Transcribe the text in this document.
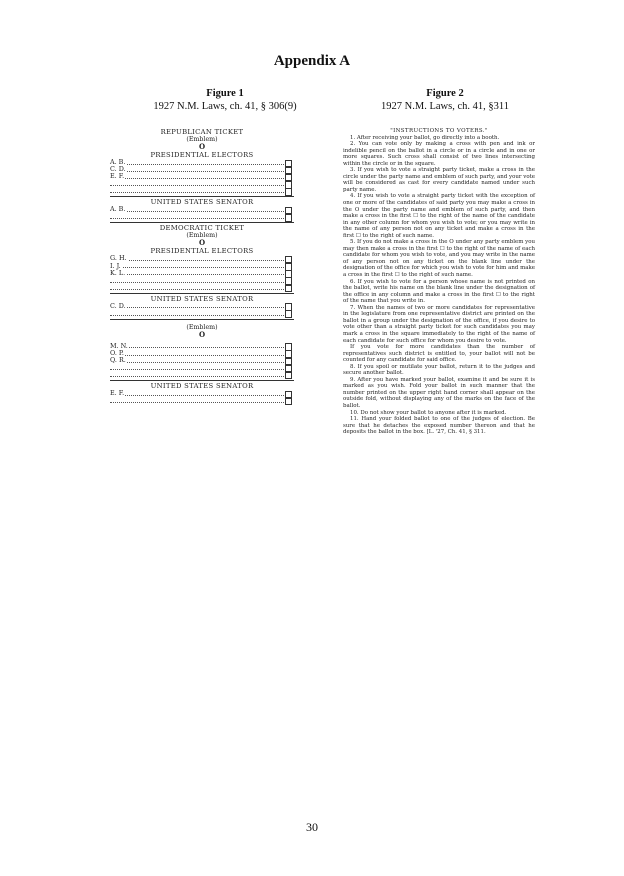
Appendix A
Figure 1
1927 N.M. Laws, ch. 41, § 306(9)
Figure 2
1927 N.M. Laws, ch. 41, §311
REPUBLICAN TICKET
(Emblem)
O
PRESIDENTIAL ELECTORS
A. B.
C. D.
E. F.
UNITED STATES SENATOR
A. B.
DEMOCRATIC TICKET
(Emblem)
O
PRESIDENTIAL ELECTORS
G. H.
I. J.
K. L.
UNITED STATES SENATOR
C. D.
(Emblem)
O
M. N.
O. P.
Q. R.
UNITED STATES SENATOR
E. F.
"INSTRUCTIONS TO VOTERS."

1. After receiving your ballot, go directly into a booth.

2. You can vote only by making a cross with pen and ink or indelible pencil on the ballot in a circle or in a circle and in one or more squares. Such cross shall consist of two lines intersecting within the circle or in the square.

3. If you wish to vote a straight party ticket, make a cross in the circle under the party name and emblem of such party, and your vote will be considered as cast for every candidate named under such party name.

4. If you wish to vote a straight party ticket with the exception of one or more of the candidates of said party you may make a cross in the O under the party name and emblem of such party, and then make a cross in the first ☐ to the right of the name of the candidate in any other column for whom you wish to vote; or you may write in the name of any person not on any ticket and make a cross in the first ☐ to the right of such name.

5. If you do not make a cross in the O under any party emblem you may then make a cross in the first ☐ to the right of the name of each candidate for whom you wish to vote, and you may write in the name of any person not on any ticket on the blank line under the designation of the office for which you wish to vote for him and make a cross in the first ☐ to the right of such name.

6. If you wish to vote for a person whose name is not printed on the ballot, write his name on the blank line under the designation of the office in any column and make a cross in the first ☐ to the right of the name that you write in.

7. When the names of two or more candidates for representative in the legislature from one representative district are printed on the ballot in a group under the designation of the office, if you desire to vote other than a straight party ticket for such candidates you may mark a cross in the square immediately to the right of the name of each candidate for such office for whom you desire to vote.

If you vote for more candidates than the number of representatives such district is entitled to, your ballot will not be counted for any candidate for said office.

8. If you spoil or mutilate your ballot, return it to the judges and secure another ballot.

9. After you have marked your ballot, examine it and be sure it is marked as you wish. Fold your ballot in such manner that the number printed on the upper right hand corner shall appear on the outside fold, without displaying any of the marks on the face of the ballot.

10. Do not show your ballot to anyone after it is marked.

11. Hand your folded ballot to one of the judges of election. Be sure that he detaches the exposed number thereon and that he deposits the ballot in the box. [L. '27, Ch. 41, § 311.

30
